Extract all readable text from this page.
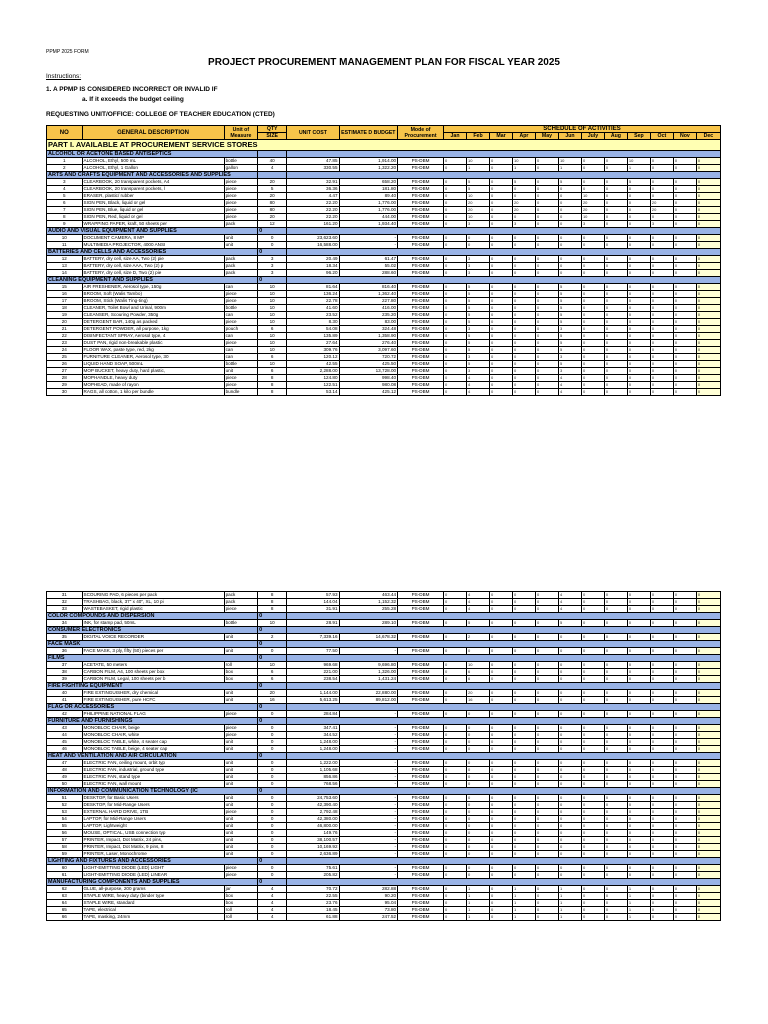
PPMP 2025 FORM
PROJECT PROCUREMENT MANAGEMENT PLAN FOR FISCAL YEAR 2025
Instructions:
1. A PPMP IS CONSIDERED INCORRECT OR INVALID IF
a. If it exceeds the budget ceiling
REQUESTING UNIT/OFFICE: COLLEGE OF TEACHER EDUCATION (CTED)
NO	GENERAL DESCRIPTION	Unit of Measure	QTY	UNIT COST	ESTIMATE D BUDGET	Mode of Procurement	SCHEDULE OF ACTIVITIES											
			SIZE				Jan	Feb	Mar	Apr	May	Jun	July	Aug	Sep	Oct	Nov	Dec
PART I. AVAILABLE AT PROCUREMENT SERVICE STORES																		
ALCOHOL OR ACETONE BASED ANTISEPTICS																		
1	ALCOHOL, Ethyl, 500 mL	bottle	40	47.85	1,914.00	PS-DBM	0	10	0	10	0	10	0	0	10	0	0	0
2	ALCOHOL, Ethyl, 1 Gallon	gallon	4	330.55	1,322.20	PS-DBM	0	1	0	1	0	1	0	0	1	0	0	0
ARTS AND CRAFTS EQUIPMENT AND ACCESSORIES AND SUPPLIES																		
3	CLEARBOOK, 20 transparent pockets, A4	piece	20	32.91	658.20	PS-DBM	0	5	0	5	0	5	0	0	5	0	0	0
4	CLEARBOOK, 20 transparent pockets, l	piece	5	36.36	181.80	PS-DBM	0	5	0	0	0	0	0	0	0	0	0	0
5	ERASER, plastic/ rubber	piece	20	4.47	89.40	PS-DBM	0	10	0	0	0	0	10	0	0	0	0	0
6	SIGN PEN, Black, liquid or gel	piece	80	22.20	1,776.00	PS-DBM	0	20	0	20	0	0	20	0	0	20	0	0
7	SIGN PEN, Blue, liquid or gel	piece	80	22.20	1,776.00	PS-DBM	0	20	0	20	0	0	20	0	0	20	0	0
8	SIGN PEN, Red, liquid or gel	piece	20	22.20	444.00	PS-DBM	0	10	0	0	0	0	10	0	0	0	0	0
9	WRAPPING PAPER, kraft, 50 sheets per	pack	12	161.20	1,934.40	PS-DBM	0	3	0	3	0	0	3	0	0	3	0	0
AUDIO AND VISUAL EQUIPMENT AND SUPPLIES			0															
10	DOCUMENT CAMERA, 8 MP	unit	0	23,623.60	-	PS-DBM	0	0	0	0	0	0	0	0	0	0	0	0
11	MULTIMEDIA PROJECTOR, 4000 ANSI	unit	0	16,588.00	-	PS-DBM	0	0	0	0	0	0	0	0	0	0	0	0
BATTERIES AND CELLS AND ACCESSORIES			0															
12	BATTERY, dry cell, size AA, Two (2) pie	pack	3	20.49	61.47	PS-DBM	0	3	0	0	0	0	0	0	0	0	0	0
13	BATTERY, dry cell, size AAA, Two (2) p	pack	3	18.34	55.02	PS-DBM	0	3	0	0	0	0	0	0	0	0	0	0
14	BATTERY, dry cell, size D, Two (2) pie	pack	3	96.20	288.60	PS-DBM	0	3	0	0	0	0	0	0	0	0	0	0
CLEANING EQUIPMENT AND SUPPLIES			0															
15	AIR FRESHENER, Aerosol type, 150g	can	10	81.64	816.40	PS-DBM	0	5	0	0	0	5	0	0	0	0	0	0
16	BROOM, Soft (Walis Tambo)	piece	10	136.24	1,362.40	PS-DBM	0	5	0	0	0	5	0	0	0	0	0	0
17	BROOM, Stick (Walis Ting-ting)	piece	10	22.78	227.80	PS-DBM	0	5	0	0	0	5	0	0	0	0	0	0
18	CLEANER, Toilet Bowl and Urinal, 900m	bottle	10	41.60	416.00	PS-DBM	0	5	0	0	0	5	0	0	0	0	0	0
19	CLEANSER, Scouring Powder, 350g	can	10	23.52	235.20	PS-DBM	0	5	0	0	0	5	0	0	0	0	0	0
20	DETERGENT BAR, 140g as packed	piece	10	8.30	83.00	PS-DBM	0	5	0	0	0	5	0	0	0	0	0	0
21	DETERGENT POWDER, all purpose, 1kg	pouch	6	54.08	324.48	PS-DBM	0	3	0	0	0	3	0	0	0	0	0	0
22	DISINFECTANT SPRAY, Aerosol type, 4	can	10	135.89	1,358.90	PS-DBM	0	5	0	0	0	5	0	0	0	0	0	0
23	DUST PAN, rigid non-breakable plastic	piece	10	27.64	276.40	PS-DBM	0	5	0	0	0	5	0	0	0	0	0	0
24	FLOOR WAX, paste type, red, 2kg	can	10	309.76	3,097.60	PS-DBM	0	5	0	0	0	5	0	0	0	0	0	0
25	FURNITURE CLEANER, Aerosol type, 30	can	6	120.12	720.72	PS-DBM	0	3	0	0	0	3	0	0	0	0	0	0
26	LIQUID HAND SOAP, 500mL	bottle	10	42.55	425.50	PS-DBM	0	5	0	0	0	5	0	0	0	0	0	0
27	MOP BUCKET, heavy duty, hard plastic,	unit	6	2,288.00	13,728.00	PS-DBM	0	3	0	0	0	3	0	0	0	0	0	0
28	MOPHANDLE, heavy duty	piece	8	124.80	998.40	PS-DBM	0	4	0	0	0	4	0	0	0	0	0	0
29	MOPHEAD, made of rayon	piece	8	122.51	980.08	PS-DBM	0	4	0	0	0	4	0	0	0	0	0	0
30	RAGS, all cotton, 1 kilo per bundle	bundle	8	53.14	425.12	PS-DBM	0	4	0	0	0	4	0	0	0	0	0	0
31	SCOURING PAD, 6 pieces per pack	pack	8	57.93	463.44	PS-DBM	0	4	0	0	0	4	0	0	0	0	0	0
32	TRASHBAG, black, 37" x 40", XL, 10 pi	pack	8	144.04	1,152.32	PS-DBM	0	4	0	0	0	4	0	0	0	0	0	0
33	WASTEBASKET, rigid plastic	piece	8	31.91	255.28	PS-DBM	0	4	0	0	0	4	0	0	0	0	0	0
COLOR COMPOUNDS AND DISPERSION			0															
34	INK, for stamp pad, 50mL	bottle	10	28.91	289.10	PS-DBM	0	5	0	0	0	5	0	0	0	0	0	0
CONSUMER ELECTRONICS			0															
35	DIGITAL VOICE RECORDER	unit	2	7,339.16	14,678.32	PS-DBM	0	2	0	0	0	0	0	0	0	0	0	0
FACE MASK			0															
36	FACE MASK, 3 ply, fifty (50) pieces per	unit	0	77.50	-	PS-DBM	0	0	0	0	0	0	0	0	0	0	0	0
FILMS			0															
37	ACETATE, 50 meters	roll	10	969.68	9,696.80	PS-DBM	0	10	0	0	0	0	0	0	0	0	0	0
38	CARBON FILM, A4, 100 sheets per box	box	6	221.00	1,326.00	PS-DBM	0	6	0	0	0	0	0	0	0	0	0	0
39	CARBON FILM, Legal, 100 sheets per b	box	6	238.54	1,431.24	PS-DBM	0	6	0	0	0	0	0	0	0	0	0	0
FIRE FIGHTING EQUIPMENT			0															
40	FIRE EXTINGUISHER, dry chemical	unit	20	1,144.00	22,880.00	PS-DBM	0	20	0	0	0	0	0	0	0	0	0	0
41	FIRE EXTINGUISHER, pure HCFC	unit	16	5,613.25	89,812.00	PS-DBM	0	16	0	0	0	0	0	0	0	0	0	0
FLAG OR ACCESSORIES			0															
42	PHILIPPINE NATIONAL FLAG	piece	0	284.84	-	PS-DBM	0	0	0	0	0	0	0	0	0	0	0	0
FURNITURE AND FURNISHINGS			0															
43	MONOBLOC CHAIR, beige	piece	0	347.41	-	PS-DBM	0	0	0	0	0	0	0	0	0	0	0	0
44	MONOBLOC CHAIR, white	piece	0	344.52	-	PS-DBM	0	0	0	0	0	0	0	0	0	0	0	0
45	MONOBLOC TABLE, white, 4 seater cap	unit	0	1,248.00	-	PS-DBM	0	0	0	0	0	0	0	0	0	0	0	0
46	MONOBLOC TABLE, beige, 4 seater cap	unit	0	1,248.00	-	PS-DBM	0	0	0	0	0	0	0	0	0	0	0	0
HEAT AND VENTILATION AND AIR CIRCULATION			0															
47	ELECTRIC FAN, ceiling mount, orbit typ	unit	0	1,222.00	-	PS-DBM	0	0	0	0	0	0	0	0	0	0	0	0
48	ELECTRIC FAN, industrial, ground type	unit	0	1,105.68	-	PS-DBM	0	0	0	0	0	0	0	0	0	0	0	0
49	ELECTRIC FAN, stand type	unit	0	856.86	-	PS-DBM	0	0	0	0	0	0	0	0	0	0	0	0
50	ELECTRIC FAN, wall mount	unit	0	768.56	-	PS-DBM	0	0	0	0	0	0	0	0	0	0	0	0
INFORMATION AND COMMUNICATION TECHNOLOGY (IC			0															
51	DESKTOP, for Basic Users	unit	0	24,753.60	-	PS-DBM	0	0	0	0	0	0	0	0	0	0	0	0
52	DESKTOP, for Mid-Range Users	unit	0	42,390.40	-	PS-DBM	0	0	0	0	0	0	0	0	0	0	0	0
53	EXTERNAL HARD DRIVE, 1TB	piece	0	2,792.48	-	PS-DBM	0	0	0	0	0	0	0	0	0	0	0	0
54	LAPTOP, for Mid-Range Users	unit	0	42,380.00	-	PS-DBM	0	0	0	0	0	0	0	0	0	0	0	0
55	LAPTOP, Lightweight	unit	0	46,800.00	-	PS-DBM	0	0	0	0	0	0	0	0	0	0	0	0
56	MOUSE, OPTICAL, USB connection typ	unit	0	149.76	-	PS-DBM	0	0	0	0	0	0	0	0	0	0	0	0
57	PRINTER, Impact, Dot Matrix, 24 pins,	unit	0	38,100.57	-	PS-DBM	0	0	0	0	0	0	0	0	0	0	0	0
58	PRINTER, Impact, Dot Matrix, 9 pins, 8	unit	0	10,169.92	-	PS-DBM	0	0	0	0	0	0	0	0	0	0	0	0
59	PRINTER, Laser, Monochrome	unit	0	2,636.89	-	PS-DBM	0	0	0	0	0	0	0	0	0	0	0	0
LIGHTING AND FIXTURES AND ACCESSORIES			0															
60	LIGHT-EMITTING DIODE (LED) LIGHT	piece	0	75.61	-	PS-DBM	0	0	0	0	0	0	0	0	0	0	0	0
61	LIGHT-EMITTING DIODE (LED) LINEAR	piece	0	205.82	-	PS-DBM	0	0	0	0	0	0	0	0	0	0	0	0
MANUFACTURING COMPONENTS AND SUPPLIES			0															
62	GLUE, all-purpose, 200 grams	jar	4	70.72	282.88	PS-DBM	0	1	0	1	0	1	0	0	1	0	0	0
63	STAPLE WIRE, heavy duty (binder type	box	4	22.55	90.20	PS-DBM	0	1	0	1	0	1	0	0	1	0	0	0
64	STAPLE WIRE, standard	box	4	23.76	95.04	PS-DBM	0	1	0	1	0	1	0	0	1	0	0	0
65	TAPE, electrical	roll	4	18.45	73.80	PS-DBM	0	1	0	1	0	1	0	0	1	0	0	0
66	TAPE, masking, 24mm	roll	4	61.88	247.52	PS-DBM	0	1	0	1	0	1	0	0	1	0	0	0
